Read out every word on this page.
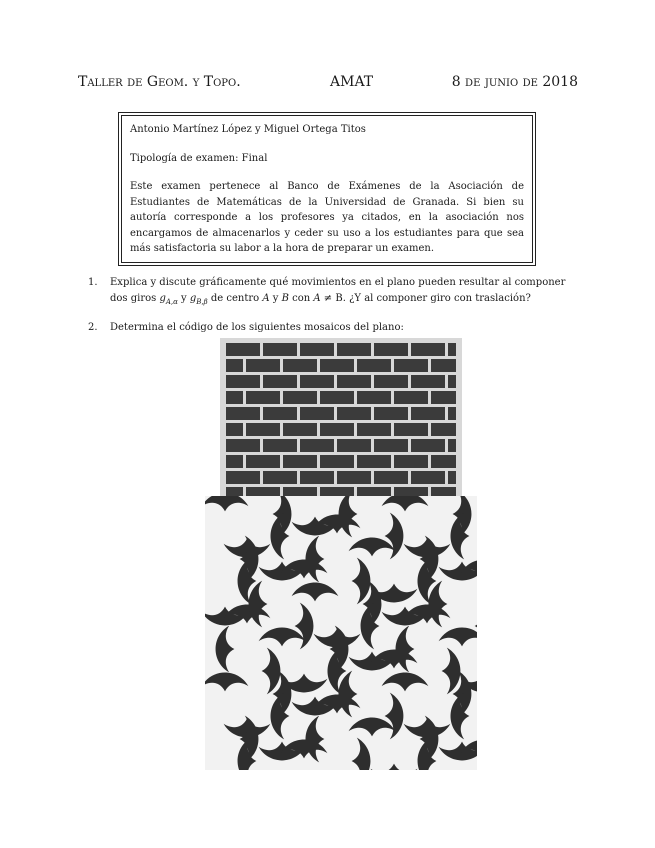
Taller de Geom. y Topo.	AMAT	8 de junio de 2018

Antonio Martínez López y Miguel Ortega Titos

Tipología de examen: Final

Este examen pertenece al Banco de Exámenes de la Asociación de Estudiantes de Matemáticas de la Universidad de Granada. Si bien su autoría corresponde a los profesores ya citados, en la asociación nos encargamos de almacenarlos y ceder su uso a los estudiantes para que sea más satisfactoria su labor a la hora de preparar un examen.

1. Explica y discute gráficamente qué movimientos en el plano pueden resultar al componer dos giros $g_{A,\alpha}$ y $g_{B,\beta}$ de centro A y B con A ≠ B. ¿Y al componer giro con traslación?
2. Determina el código de los siguientes mosaicos del plano:
